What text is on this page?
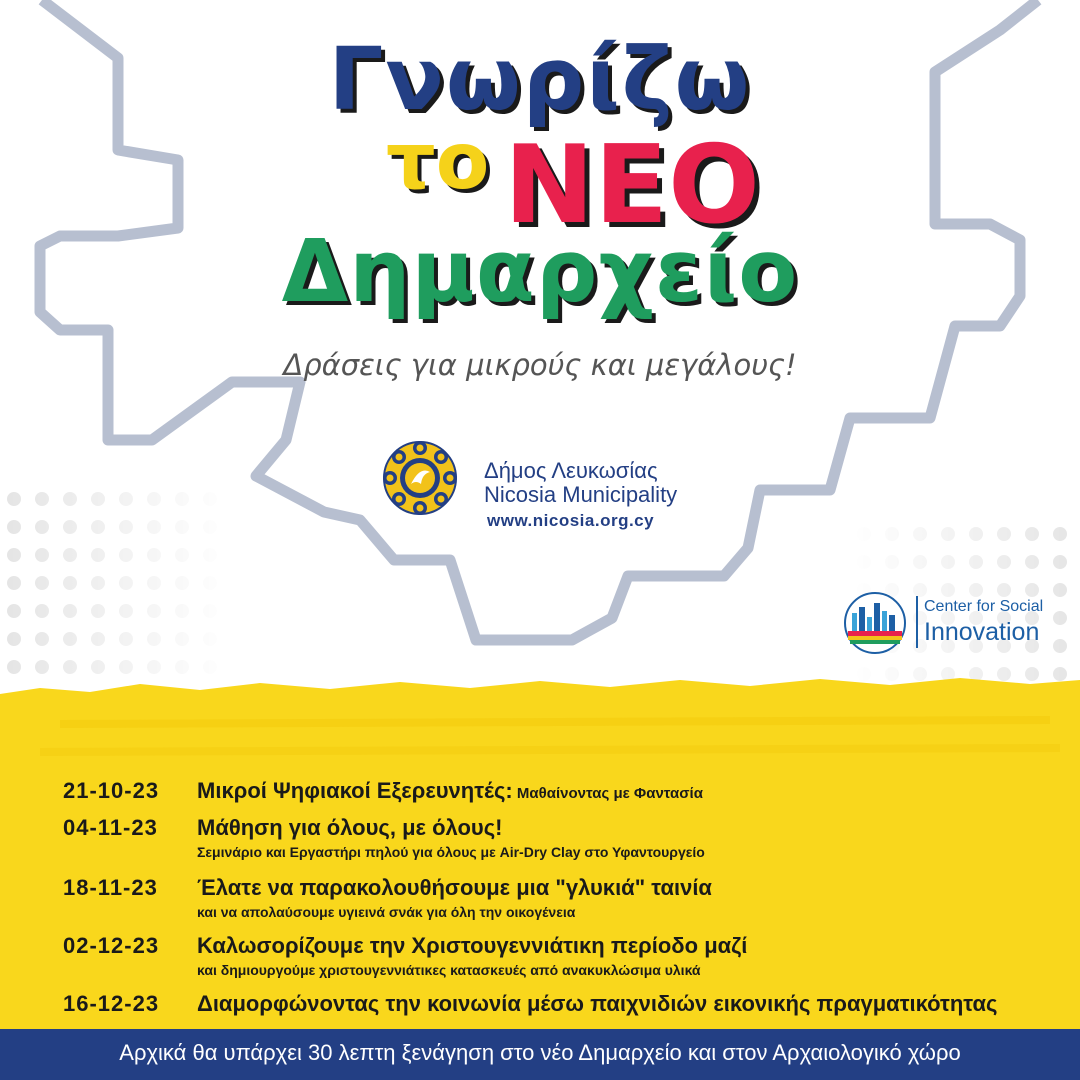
Γνωρίζω
το ΝΕΟ
Δημαρχείο
Δράσεις για μικρούς και μεγάλους!
Δήμος Λευκωσίας
Nicosia Municipality
www.nicosia.org.cy
Center for Social
Innovation
21-10-23 Μικροί Ψηφιακοί Εξερευνητές: Μαθαίνοντας με Φαντασία
04-11-23 Μάθηση για όλους, με όλους!
Σεμινάριο και Εργαστήρι πηλού για όλους με Air-Dry Clay στο Υφαντουργείο
18-11-23 Έλατε να παρακολουθήσουμε μια "γλυκιά" ταινία
και να απολαύσουμε υγιεινά σνάκ για όλη την οικογένεια
02-12-23 Καλωσορίζουμε την Χριστουγεννιάτικη περίοδο μαζί
και δημιουργούμε χριστουγεννιάτικες κατασκευές από ανακυκλώσιμα υλικά
16-12-23 Διαμορφώνοντας την κοινωνία μέσω παιχνιδιών εικονικής πραγματικότητας
Αρχικά θα υπάρχει 30 λεπτη ξενάγηση στο νέο Δημαρχείο και στον Αρχαιολογικό χώρο
